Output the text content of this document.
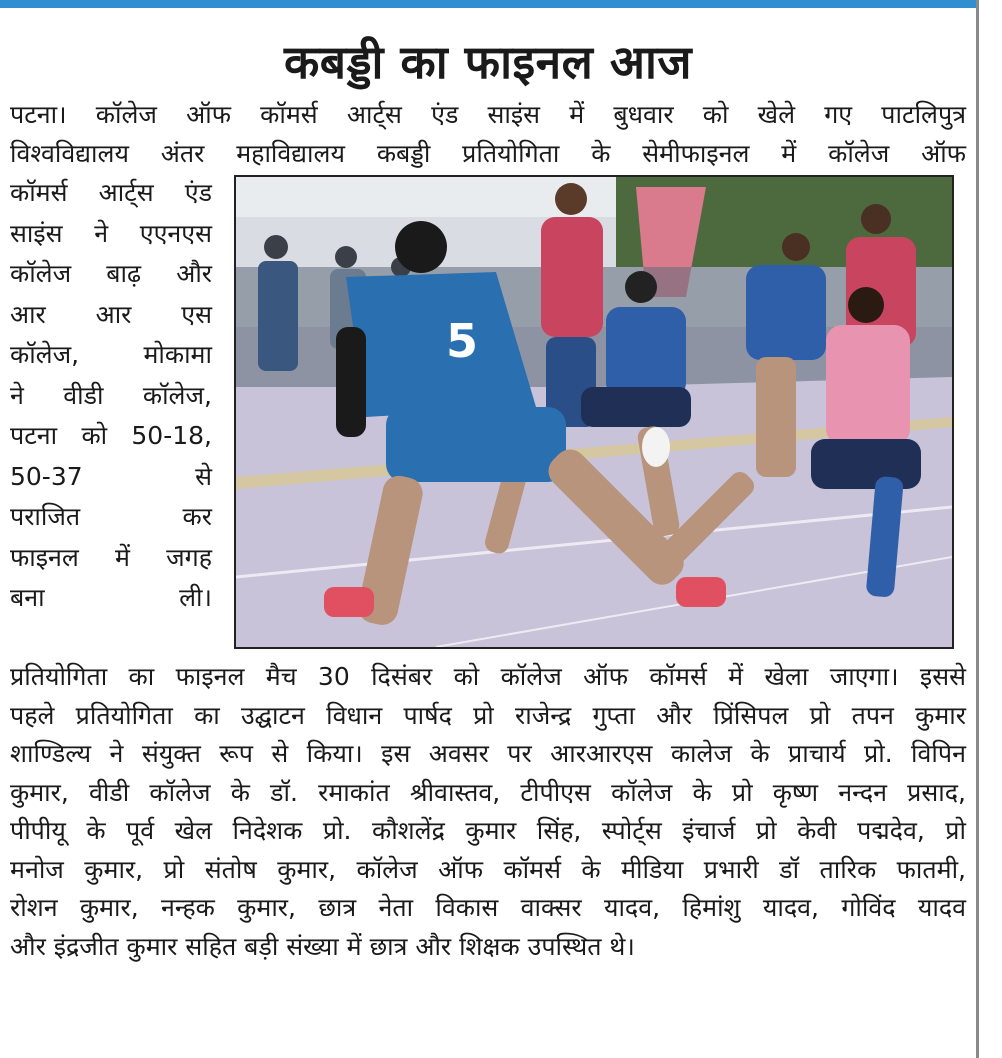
कबड्डी का फाइनल आज

पटना। कॉलेज ऑफ कॉमर्स आर्ट्स एंड साइंस में बुधवार को खेले गए पाटलिपुत्र

विश्वविद्यालय अंतर महाविद्यालय कबड्डी प्रतियोगिता के सेमीफाइनल में कॉलेज ऑफ

कॉमर्स आर्ट्स एंड
साइंस ने एएनएस
कॉलेज बाढ़ और
आर आर एस
कॉलेज, मोकामा
ने वीडी कॉलेज,
पटना को 50-18,
50-37 से
पराजित कर
फाइनल में जगह
बना ली।
5

प्रतियोगिता का फाइनल मैच 30 दिसंबर को कॉलेज ऑफ कॉमर्स में खेला जाएगा। इससे

पहले प्रतियोगिता का उद्घाटन विधान पार्षद प्रो राजेन्द्र गुप्ता और प्रिंसिपल प्रो तपन कुमार

शाण्डिल्य ने संयुक्त रूप से किया। इस अवसर पर आरआरएस कालेज के प्राचार्य प्रो. विपिन

कुमार, वीडी कॉलेज के डॉ. रमाकांत श्रीवास्तव, टीपीएस कॉलेज के प्रो कृष्ण नन्दन प्रसाद,

पीपीयू के पूर्व खेल निदेशक प्रो. कौशलेंद्र कुमार सिंह, स्पोर्ट्स इंचार्ज प्रो केवी पद्मदेव, प्रो

मनोज कुमार, प्रो संतोष कुमार, कॉलेज ऑफ कॉमर्स के मीडिया प्रभारी डॉ तारिक फातमी,

रोशन कुमार, नन्हक कुमार, छात्र नेता विकास वाक्सर यादव, हिमांशु यादव, गोविंद यादव

और इंद्रजीत कुमार सहित बड़ी संख्या में छात्र और शिक्षक उपस्थित थे।
